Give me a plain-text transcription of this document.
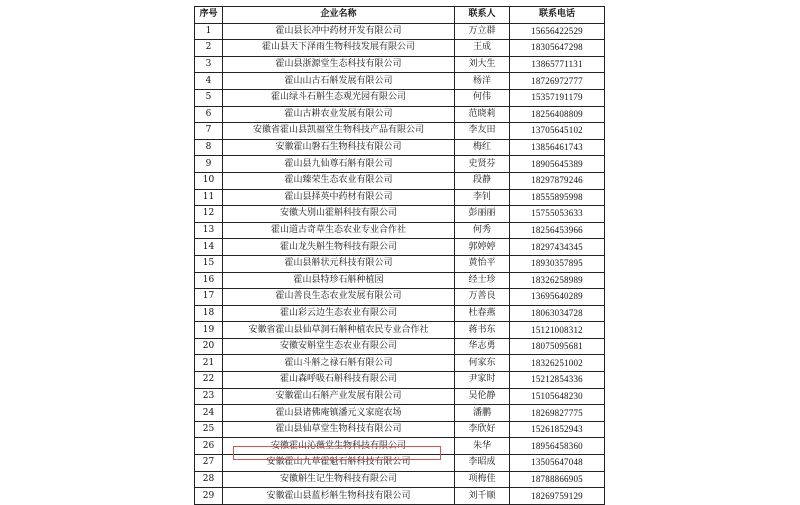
序号	企业名称	联系人	联系电话
1	霍山县长冲中药材开发有限公司	万立群	15656422529
2	霍山县天下泽雨生物科技发展有限公司	王成	18305647298
3	霍山县浙源堂生态科技有限公司	刘大生	13865771131
4	霍山山古石斛发展有限公司	杨洋	18726972777
5	霍山绿斗石斛生态观光园有限公司	何伟	15357191179
6	霍山古耕农业发展有限公司	范晓莉	18256408809
7	安徽省霍山县凯福堂生物科技产品有限公司	李友田	13705645102
8	安徽霍山磐石生物科技有限公司	梅红	13856461743
9	霍山县九仙尊石斛有限公司	史贤芬	18905645389
10	霍山臻荣生态农业有限公司	段静	18297879246
11	霍山县择英中药材有限公司	李钊	18555895998
12	安徽大别山霍斛科技有限公司	彭丽丽	15755053633
13	霍山道古奇草生态农业专业合作社	何秀	18256453966
14	霍山龙失斛生物科技有限公司	郭婷婷	18297434345
15	霍山县斛状元科技有限公司	黄怡平	18930357895
16	霍山县特珍石斛种植园	经士珍	18326258989
17	霍山善良生态农业发展有限公司	万善良	13695640289
18	霍山彩云边生态农业有限公司	杜春燕	18063034728
19	安徽省霍山县仙草洞石斛种植农民专业合作社	蒋书东	15121008312
20	安徽安斛堂生态农业有限公司	华志勇	18075095681
21	霍山斗斛之禄石斛有限公司	何家东	18326251002
22	霍山森呼吸石斛科技有限公司	尹家时	15212854336
23	安徽霍山石斛产业发展有限公司	吴伦静	15105648230
24	霍山县诸佛庵镇潘元义家庭农场	潘鹏	18269827775
25	霍山县仙草堂生物科技有限公司	李欣好	15261852943
26	安徽霍山沁薇堂生物科技有限公司	朱华	18956458360
27	安徽霍山九草霍魁石斛科技有限公司	李昭成	13505647048
28	安徽斛生记生物科技有限公司	项梅佳	18788866905
29	安徽霍山县蓝杉斛生物科技有限公司	刘千顺	18269759129
